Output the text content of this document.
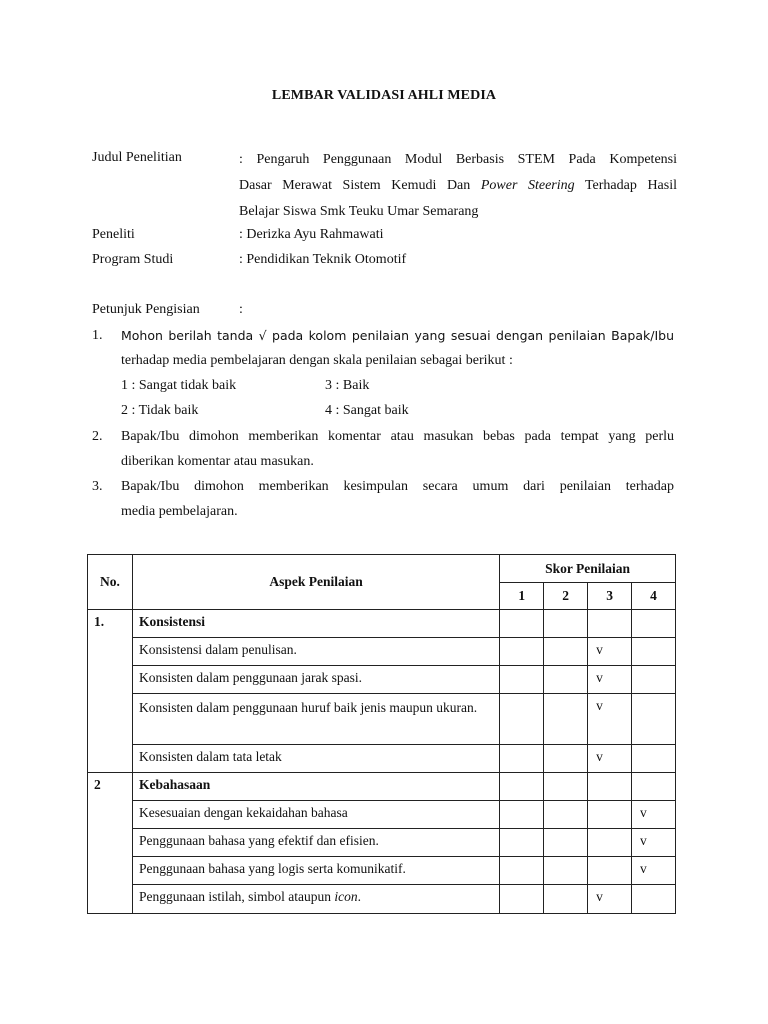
LEMBAR VALIDASI AHLI MEDIA
Judul Penelitian	: Pengaruh Penggunaan Modul Berbasis STEM Pada Kompetensi
Dasar Merawat Sistem Kemudi Dan Power Steering Terhadap Hasil
Belajar Siswa Smk Teuku Umar Semarang
Peneliti	: Derizka Ayu Rahmawati
Program Studi	: Pendidikan Teknik Otomotif
Petunjuk Pengisian	:
1. Mohon berilah tanda √ pada kolom penilaian yang sesuai dengan penilaian Bapak/Ibu
terhadap media pembelajaran dengan skala penilaian sebagai berikut :
1 : Sangat tidak baik	3 : Baik
2 : Tidak baik	4 : Sangat baik
2. Bapak/Ibu dimohon memberikan komentar atau masukan bebas pada tempat yang perlu
diberikan komentar atau masukan.
3. Bapak/Ibu dimohon memberikan kesimpulan secara umum dari penilaian terhadap
media pembelajaran.
No.	Aspek Penilaian	Skor Penilaian			
		1	2	3	4
1.	Konsistensi				

	Konsistensi dalam penulisan.			v	

	Konsisten dalam penggunaan jarak spasi.			v	

	Konsisten dalam penggunaan huruf baik jenis maupun ukuran.			v	

	Konsisten dalam tata letak			v	

2	Kebahasaan				

	Kesesuaian dengan kekaidahan bahasa				v

	Penggunaan bahasa yang efektif dan efisien.				v

	Penggunaan bahasa yang logis serta komunikatif.				v

	Penggunaan istilah, simbol ataupun icon.			v	
